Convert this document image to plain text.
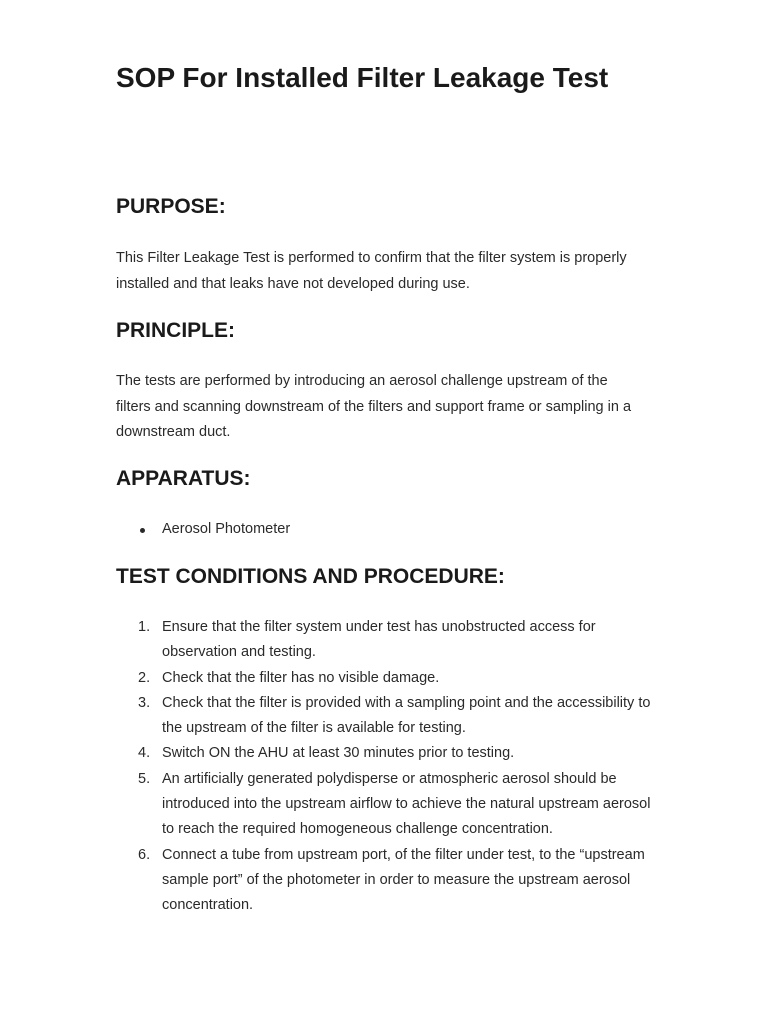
SOP For Installed Filter Leakage Test
PURPOSE:

This Filter Leakage Test is performed to confirm that the filter system is properly installed and that leaks have not developed during use.

PRINCIPLE:

The tests are performed by introducing an aerosol challenge upstream of the filters and scanning downstream of the filters and support frame or sampling in a downstream duct.

APPARATUS:
Aerosol Photometer
TEST CONDITIONS AND PROCEDURE:
1. Ensure that the filter system under test has unobstructed access for observation and testing.
2. Check that the filter has no visible damage.
3. Check that the filter is provided with a sampling point and the accessibility to the upstream of the filter is available for testing.
4. Switch ON the AHU at least 30 minutes prior to testing.
5. An artificially generated polydisperse or atmospheric aerosol should be introduced into the upstream airflow to achieve the natural upstream aerosol to reach the required homogeneous challenge concentration.
6. Connect a tube from upstream port, of the filter under test, to the “upstream sample port” of the photometer in order to measure the upstream aerosol concentration.
